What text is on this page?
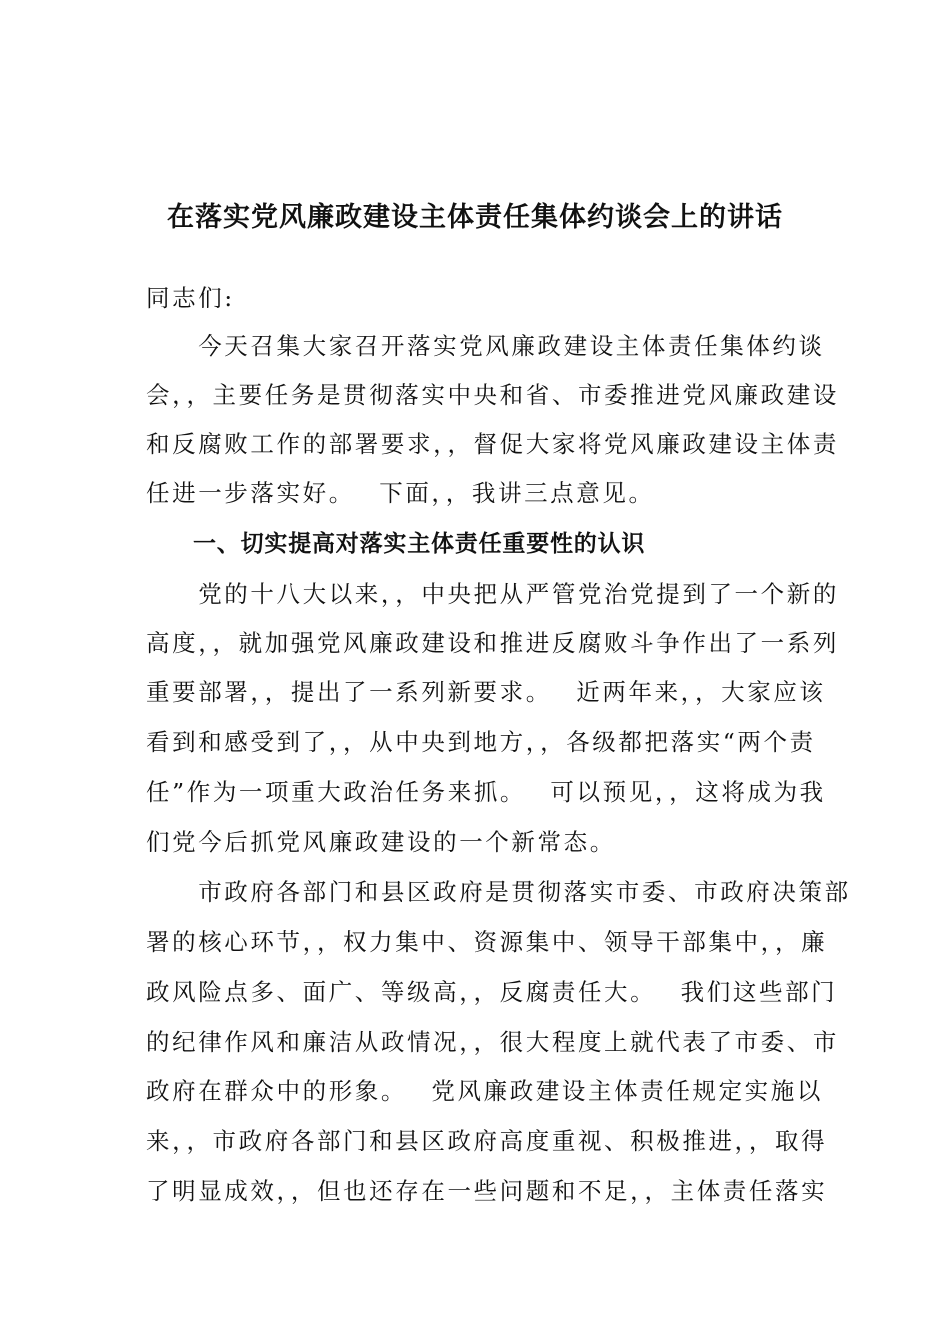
在落实党风廉政建设主体责任集体约谈会上的讲话
同志们:
　　今天召集大家召开落实党风廉政建设主体责任集体约谈
会，，主要任务是贯彻落实中央和省、市委推进党风廉政建设
和反腐败工作的部署要求，，督促大家将党风廉政建设主体责
任进一步落实好。　 下面，，我讲三点意见。
一、切实提高对落实主体责任重要性的认识
　　党的十八大以来，，中央把从严管党治党提到了一个新的
高度，，就加强党风廉政建设和推进反腐败斗争作出了一系列
重要部署，，提出了一系列新要求。　 近两年来，，大家应该
看到和感受到了，，从中央到地方，，各级都把落实“两个责
任”作为一项重大政治任务来抓。　 可以预见，，这将成为我
们党今后抓党风廉政建设的一个新常态。
　　市政府各部门和县区政府是贯彻落实市委、市政府决策部
署的核心环节，，权力集中、资源集中、领导干部集中，，廉
政风险点多、面广、等级高，，反腐责任大。　 我们这些部门
的纪律作风和廉洁从政情况，，很大程度上就代表了市委、市
政府在群众中的形象。　 党风廉政建设主体责任规定实施以
来，，市政府各部门和县区政府高度重视、积极推进，，取得
了明显成效，，但也还存在一些问题和不足，，主体责任落实
